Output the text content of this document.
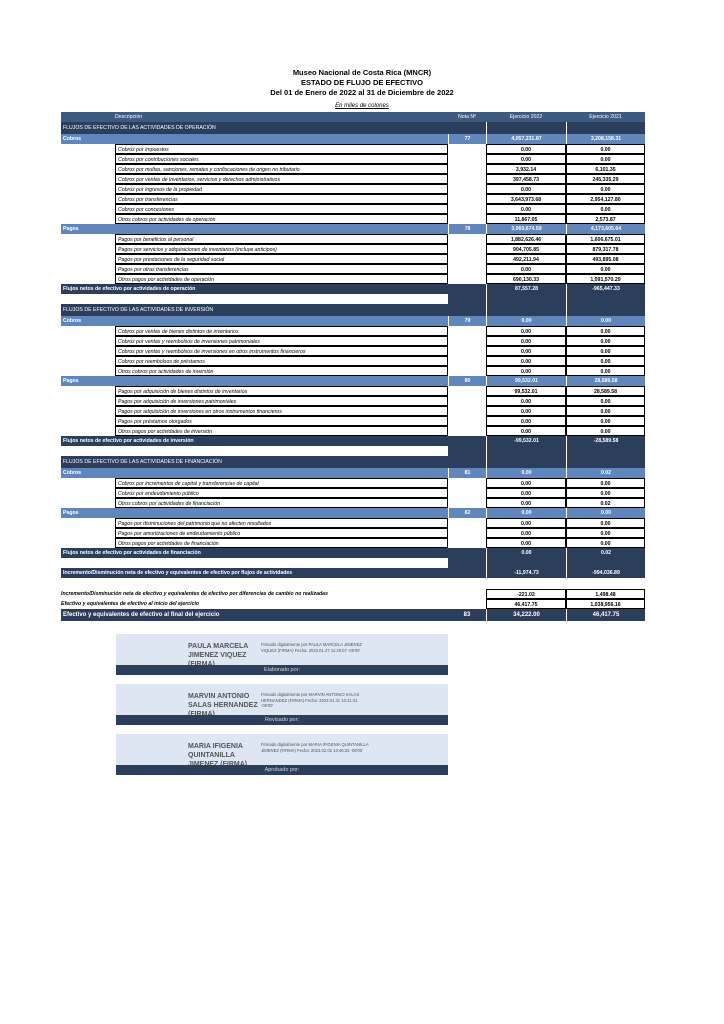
Museo Nacional de Costa Rica (MNCR)
ESTADO DE FLUJO DE EFECTIVO
Del 01 de Enero de 2022 al 31 de Diciembre de 2022
En miles de colones
Descripción	Nota Nº	Ejercicio 2022	Ejercicio 2021
FLUJOS DE EFECTIVO DE LAS ACTIVIDADES DE OPERACIÓN
Cobros	77	4,057,231.87	3,208,158.31
Cobros por impuestos	0.00	0.00
Cobros por contribuciones sociales	0.00	0.00
Cobros por multas, sanciones, remates y confiscaciones de origen no tributario	3,932.14	6,101.35
Cobros por ventas de inventarios, servicios y derechos administrativos	397,458.73	245,335.29
Cobros por ingresos de la propiedad	0.00	0.00
Cobros por transferencias	3,643,973.68	2,954,127.80
Cobros por concesiones	0.00	0.00
Otros cobros por actividades de operación	11,867.05	2,573.87
Pagos	78	3,969,674.59	4,173,605.64
Pagos por beneficios al personal	1,882,626.46	1,606,675.01
Pagos por servicios y adquisiciones de inventarios (incluye anticipos)	904,705.85	879,317.78
Pagos por prestaciones de la seguridad social	492,211.94	493,895.08
Pagos por otras transferencias	0.00	0.00
Otros pagos por actividades de operación	690,130.33	1,091,570.29
Flujos netos de efectivo por actividades de operación	87,557.28	-965,447.33
FLUJOS DE EFECTIVO DE LAS ACTIVIDADES DE INVERSIÓN
Cobros	79	0.00	0.00
Cobros por ventas de bienes distintos de inventarios	0.00	0.00
Cobros por ventas y reembolsos de inversiones patrimoniales	0.00	0.00
Cobros por ventas y reembolsos de inversiones en otros instrumentos financieros	0.00	0.00
Cobros por reembolsos de préstamos	0.00	0.00
Otros cobros por actividades de inversión	0.00	0.00
Pagos	80	99,532.01	28,589.58
Pagos por adquisición de bienes distintos de inventarios	99,532.01	28,589.58
Pagos por adquisición de inversiones patrimoniales	0.00	0.00
Pagos por adquisición de inversiones en otros instrumentos financieros	0.00	0.00
Pagos por préstamos otorgados	0.00	0.00
Otros pagos por actividades de inversión	0.00	0.00
Flujos netos de efectivo por actividades de inversión	-99,532.01	-28,589.58
FLUJOS DE EFECTIVO DE LAS ACTIVIDADES DE FINANCIACIÓN
Cobros	81	0.00	0.02
Cobros por incrementos de capital y transferencias de capital	0.00	0.00
Cobros por endeudamiento público	0.00	0.00
Otros cobros por actividades de financiación	0.00	0.02
Pagos	82	0.00	0.00
Pagos por disminuciones del patrimonio que no afecten resultados	0.00	0.00
Pagos por amortizaciones de endeudamiento público	0.00	0.00
Otros pagos por actividades de financiación	0.00	0.00
Flujos netos de efectivo por actividades de financiación	0.00	0.02
Incremento/Disminución neta de efectivo y equivalentes de efectivo por flujos de actividades	-11,974.73	-994,036.89
Incremento/Disminución neta de efectivo y equivalentes de efectivo por diferencias de cambio no realizadas	-221.02	1,498.48
Efectivo y equivalentes de efectivo al inicio del ejercicio	46,417.75	1,038,956.16
Efectivo y equivalentes de efectivo al final del ejercicio	83	34,222.00	46,417.75
PAULA MARCELA JIMENEZ VIQUEZ
Firmado digitalmente por PAULA MARCELA JIMENEZ VIQUEZ (FIRMA) Fecha: 2023.01.27 11:28:07 -06'00'
Elaborado por:
MARVIN ANTONIO SALAS HERNANDEZ
Firmado digitalmente por MARVIN ANTONIO SALAS HERNANDEZ (FIRMA) Fecha: 2023.01.31 10:21:41 -06'00'
Revisado por:
MARIA IFIGENIA QUINTANILLA
Firmado digitalmente por MARIA IFIGENIA QUINTANILLA JIMENEZ (FIRMA) Fecha: 2023.02.02 13:46:33 -06'00'
Aprobado por:
